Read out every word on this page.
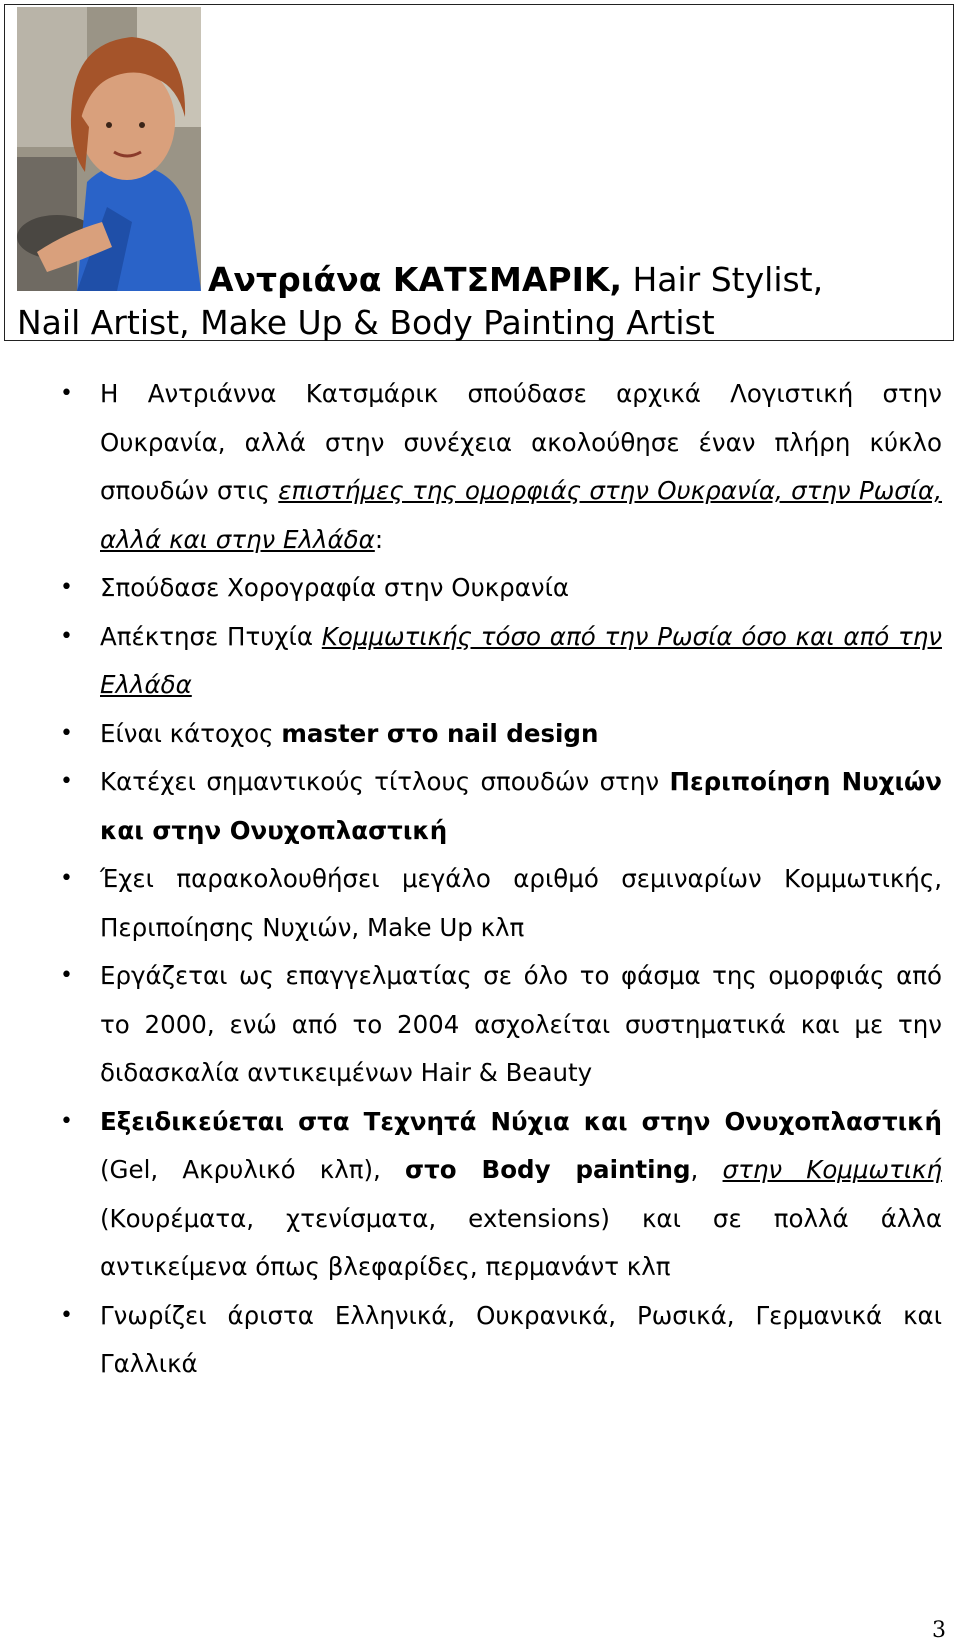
Αντριάνα ΚΑΤΣΜΑΡΙΚ, Hair Stylist,
Nail Artist, Make Up & Body Painting Artist
• Η Αντριάννα Κατσμάρικ σπούδασε αρχικά Λογιστική στην Ουκρανία, αλλά στην συνέχεια ακολούθησε έναν πλήρη κύκλο σπουδών στις επιστήμες της ομορφιάς στην Ουκρανία, στην Ρωσία, αλλά και στην Ελλάδα:
• Σπούδασε Χορογραφία στην Ουκρανία
• Απέκτησε Πτυχία Κομμωτικής τόσο από την Ρωσία όσο και από την Ελλάδα
• Είναι κάτοχος master στο nail design
• Κατέχει σημαντικούς τίτλους σπουδών στην Περιποίηση Νυχιών και στην Ονυχοπλαστική
• Έχει παρακολουθήσει μεγάλο αριθμό σεμιναρίων Κομμωτικής, Περιποίησης Νυχιών, Make Up κλπ
• Εργάζεται ως επαγγελματίας σε όλο το φάσμα της ομορφιάς από το 2000, ενώ από το 2004 ασχολείται συστηματικά και με την διδασκαλία αντικειμένων Hair & Beauty
• Εξειδικεύεται στα Τεχνητά Νύχια και στην Ονυχοπλαστική (Gel, Ακρυλικό κλπ), στο Body painting, στην Κομμωτική (Κουρέματα, χτενίσματα, extensions) και σε πολλά άλλα αντικείμενα όπως βλεφαρίδες, περμανάντ κλπ
• Γνωρίζει άριστα Ελληνικά, Ουκρανικά, Ρωσικά, Γερμανικά και Γαλλικά
3
